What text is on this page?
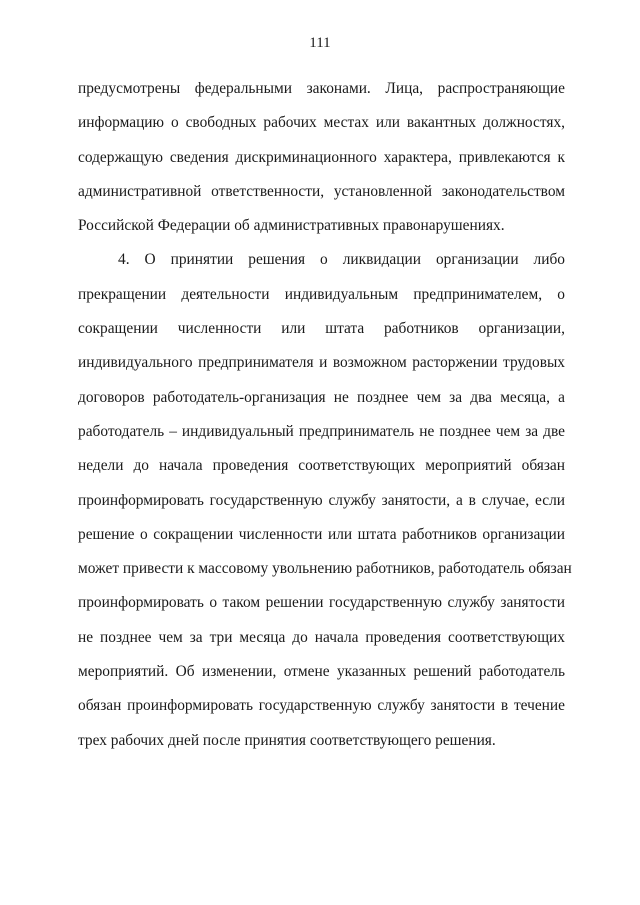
111

предусмотрены федеральными законами. Лица, распространяющие
информацию о свободных рабочих местах или вакантных должностях,
содержащую сведения дискриминационного характера, привлекаются к
административной ответственности, установленной законодательством
Российской Федерации об административных правонарушениях.

4. О принятии решения о ликвидации организации либо
прекращении деятельности индивидуальным предпринимателем, о
сокращении численности или штата работников организации,
индивидуального предпринимателя и возможном расторжении трудовых
договоров работодатель-организация не позднее чем за два месяца, а
работодатель – индивидуальный предприниматель не позднее чем за две
недели до начала проведения соответствующих мероприятий обязан
проинформировать государственную службу занятости, а в случае, если
решение о сокращении численности или штата работников организации
может привести к массовому увольнению работников, работодатель обязан
проинформировать о таком решении государственную службу занятости
не позднее чем за три месяца до начала проведения соответствующих
мероприятий. Об изменении, отмене указанных решений работодатель
обязан проинформировать государственную службу занятости в течение
трех рабочих дней после принятия соответствующего решения.
